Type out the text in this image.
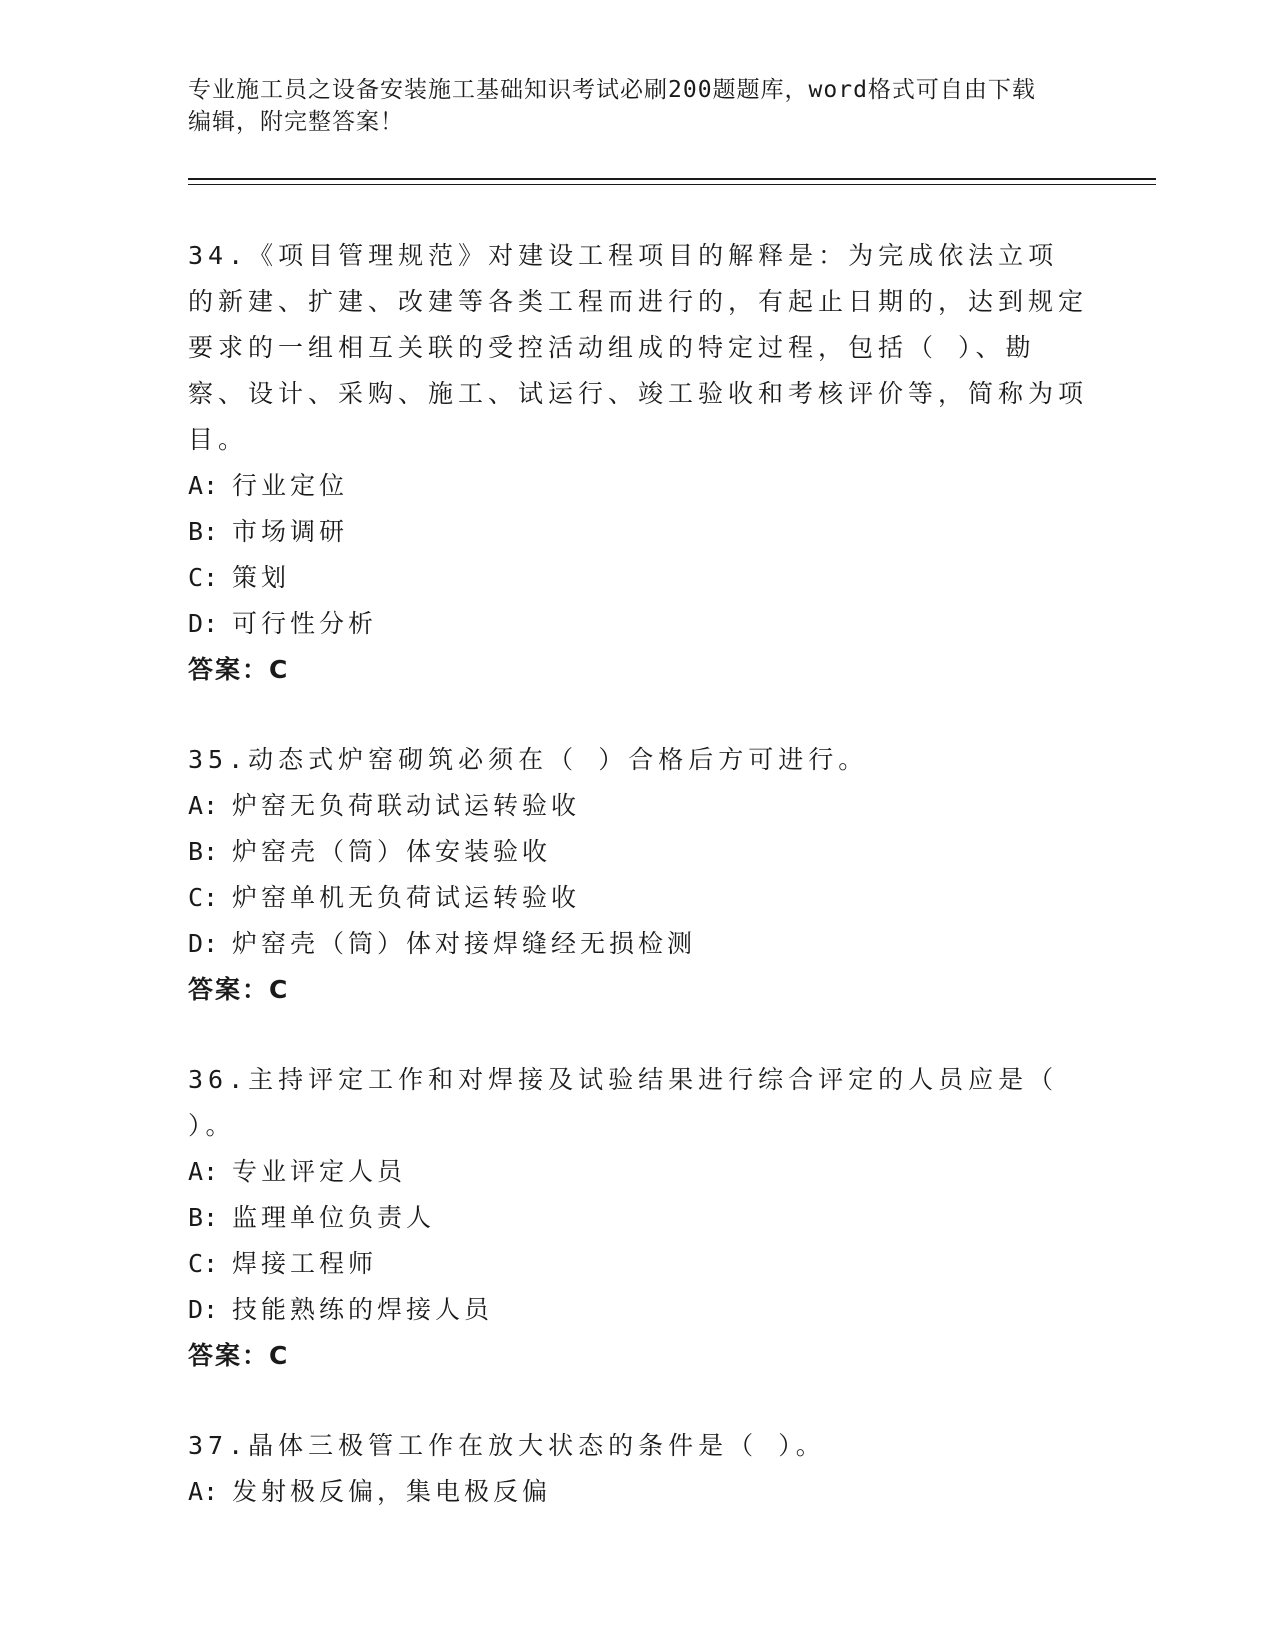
专业施工员之设备安装施工基础知识考试必刷200题题库，word格式可自由下载
编辑，附完整答案！
34.《项目管理规范》对建设工程项目的解释是：为完成依法立项的新建、扩建、改建等各类工程而进行的，有起止日期的，达到规定要求的一组相互关联的受控活动组成的特定过程，包括（ ）、勘察、设计、采购、施工、试运行、竣工验收和考核评价等，简称为项目。
A: 行业定位
B: 市场调研
C: 策划
D: 可行性分析
答案：C
35.动态式炉窑砌筑必须在（ ）合格后方可进行。
A: 炉窑无负荷联动试运转验收
B: 炉窑壳（筒）体安装验收
C: 炉窑单机无负荷试运转验收
D: 炉窑壳（筒）体对接焊缝经无损检测
答案：C
36.主持评定工作和对焊接及试验结果进行综合评定的人员应是（ ）。
A: 专业评定人员
B: 监理单位负责人
C: 焊接工程师
D: 技能熟练的焊接人员
答案：C
37.晶体三极管工作在放大状态的条件是（ ）。
A: 发射极反偏，集电极反偏
